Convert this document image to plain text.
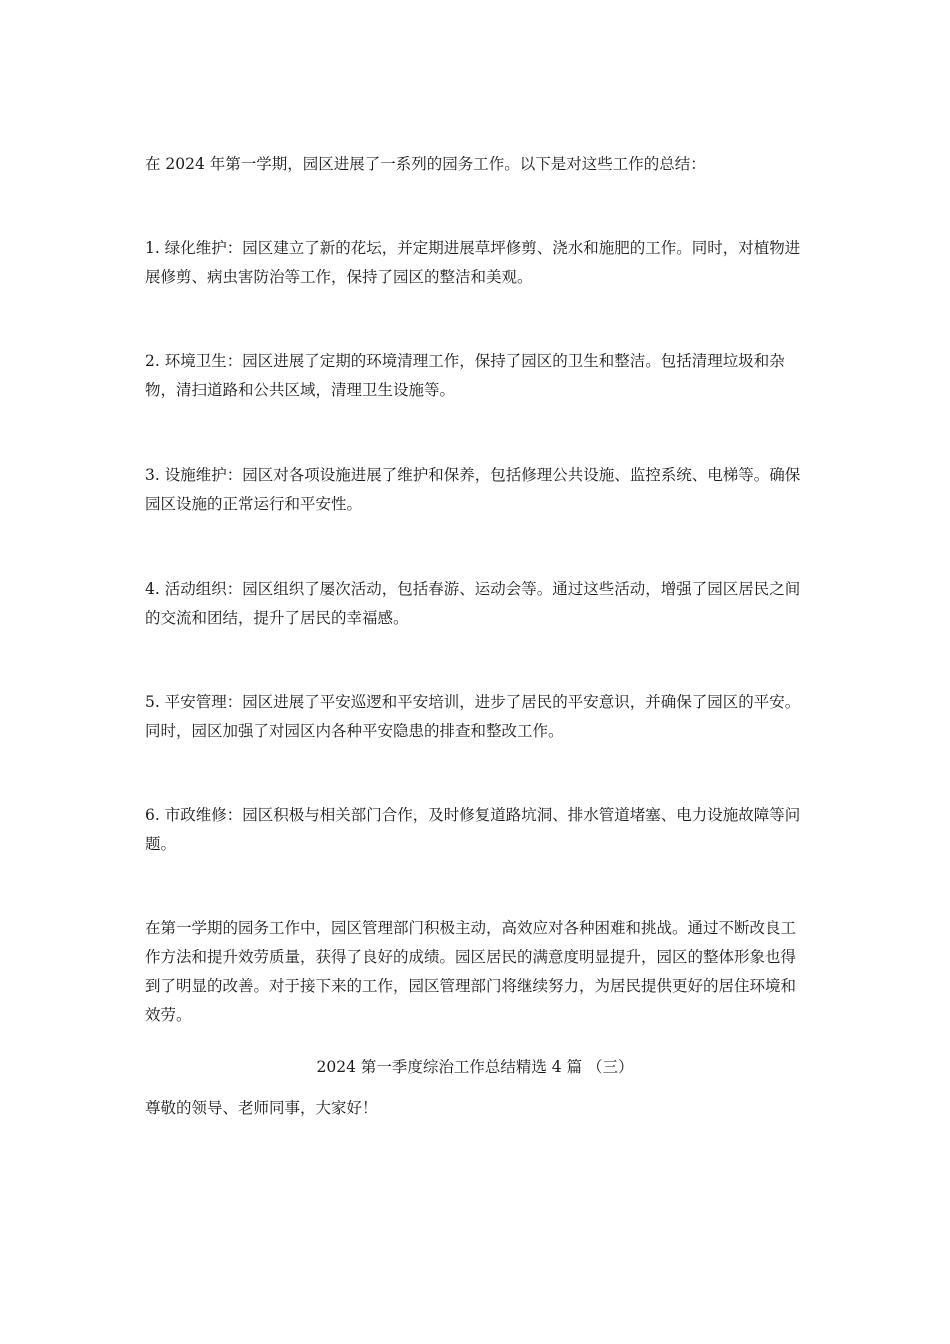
在 2024 年第一学期，园区进展了一系列的园务工作。以下是对这些工作的总结：

1. 绿化维护：园区建立了新的花坛，并定期进展草坪修剪、浇水和施肥的工作。同时，对植物进展修剪、病虫害防治等工作，保持了园区的整洁和美观。

2. 环境卫生：园区进展了定期的环境清理工作，保持了园区的卫生和整洁。包括清理垃圾和杂物，清扫道路和公共区域，清理卫生设施等。

3. 设施维护：园区对各项设施进展了维护和保养，包括修理公共设施、监控系统、电梯等。确保园区设施的正常运行和平安性。

4. 活动组织：园区组织了屡次活动，包括春游、运动会等。通过这些活动，增强了园区居民之间的交流和团结，提升了居民的幸福感。

5. 平安管理：园区进展了平安巡逻和平安培训，进步了居民的平安意识，并确保了园区的平安。同时，园区加强了对园区内各种平安隐患的排查和整改工作。

6. 市政维修：园区积极与相关部门合作，及时修复道路坑洞、排水管道堵塞、电力设施故障等问题。

在第一学期的园务工作中，园区管理部门积极主动，高效应对各种困难和挑战。通过不断改良工作方法和提升效劳质量，获得了良好的成绩。园区居民的满意度明显提升，园区的整体形象也得到了明显的改善。对于接下来的工作，园区管理部门将继续努力，为居民提供更好的居住环境和效劳。

2024 第一季度综治工作总结精选 4 篇 （三）

尊敬的领导、老师同事，大家好！
